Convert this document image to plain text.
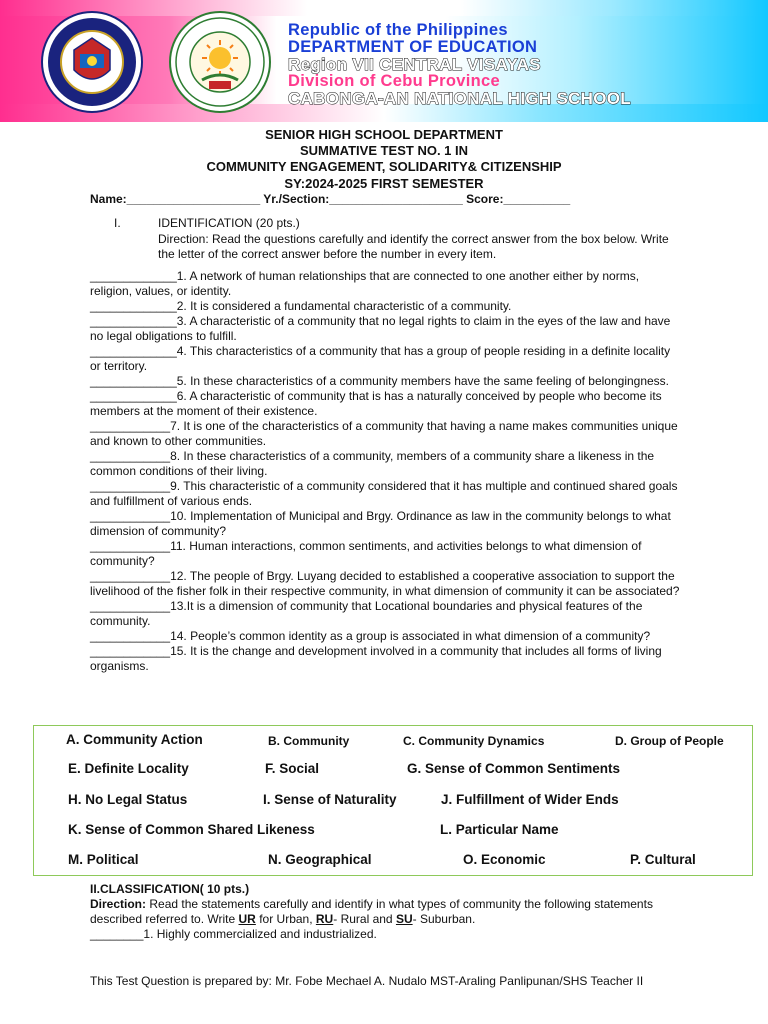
Republic of the Philippines
DEPARTMENT OF EDUCATION
Region VII CENTRAL VISAYAS
Division of Cebu Province
CABONGA-AN NATIONAL HIGH SCHOOL
SENIOR HIGH SCHOOL DEPARTMENT
SUMMATIVE TEST NO. 1 IN
COMMUNITY ENGAGEMENT, SOLIDARITY& CITIZENSHIP
SY:2024-2025 FIRST SEMESTER
Name:____________________ Yr./Section:____________________ Score:__________
I.	IDENTIFICATION (20 pts.)
Direction: Read the questions carefully and identify the correct answer from the box below. Write the letter of the correct answer before the number in every item.

_____________1. A network of human relationships that are connected to one another either by norms, religion, values, or identity.

_____________2. It is considered a fundamental characteristic of a community.

_____________3. A characteristic of a community that no legal rights to claim in the eyes of the law and have no legal obligations to fulfill.

_____________4. This characteristics of a community that has a group of people residing in a definite locality or territory.

_____________5. In these characteristics of a community members have the same feeling of belongingness.

_____________6. A characteristic of community that is has a naturally conceived by people who become its members at the moment of their existence.

____________7. It is one of the characteristics of a community that having a name makes communities unique and known to other communities.

____________8. In these characteristics of a community, members of a community share a likeness in the common conditions of their living.

____________9. This characteristic of a community considered that it has multiple and continued shared goals and fulfillment of various ends.

____________10. Implementation of Municipal and Brgy. Ordinance as law in the community belongs to what dimension of community?

____________11. Human interactions, common sentiments, and activities belongs to what dimension of community?

____________12. The people of Brgy. Luyang decided to established a cooperative association to support the livelihood of the fisher folk in their respective community, in what dimension of community it can be associated?

____________13.It is a dimension of community that Locational boundaries and physical features of the community.

____________14. People’s common identity as a group is associated in what dimension of a community?

____________15. It is the change and development involved in a community that includes all forms of living organisms.

A. Community Action	B. Community	C. Community Dynamics	D. Group of People
E. Definite Locality	F. Social	G. Sense of Common Sentiments
H. No Legal Status	I. Sense of Naturality	J. Fulfillment of Wider Ends
K. Sense of Common Shared Likeness	L. Particular Name
M. Political	N. Geographical	O. Economic	P. Cultural
II.CLASSIFICATION( 10 pts.)
Direction: Read the statements carefully and identify in what types of community the following statements described referred to. Write UR for Urban, RU- Rural and SU- Suburban.
________1. Highly commercialized and industrialized.
This Test Question is prepared by: Mr. Fobe Mechael A. Nudalo MST-Araling Panlipunan/SHS Teacher II
